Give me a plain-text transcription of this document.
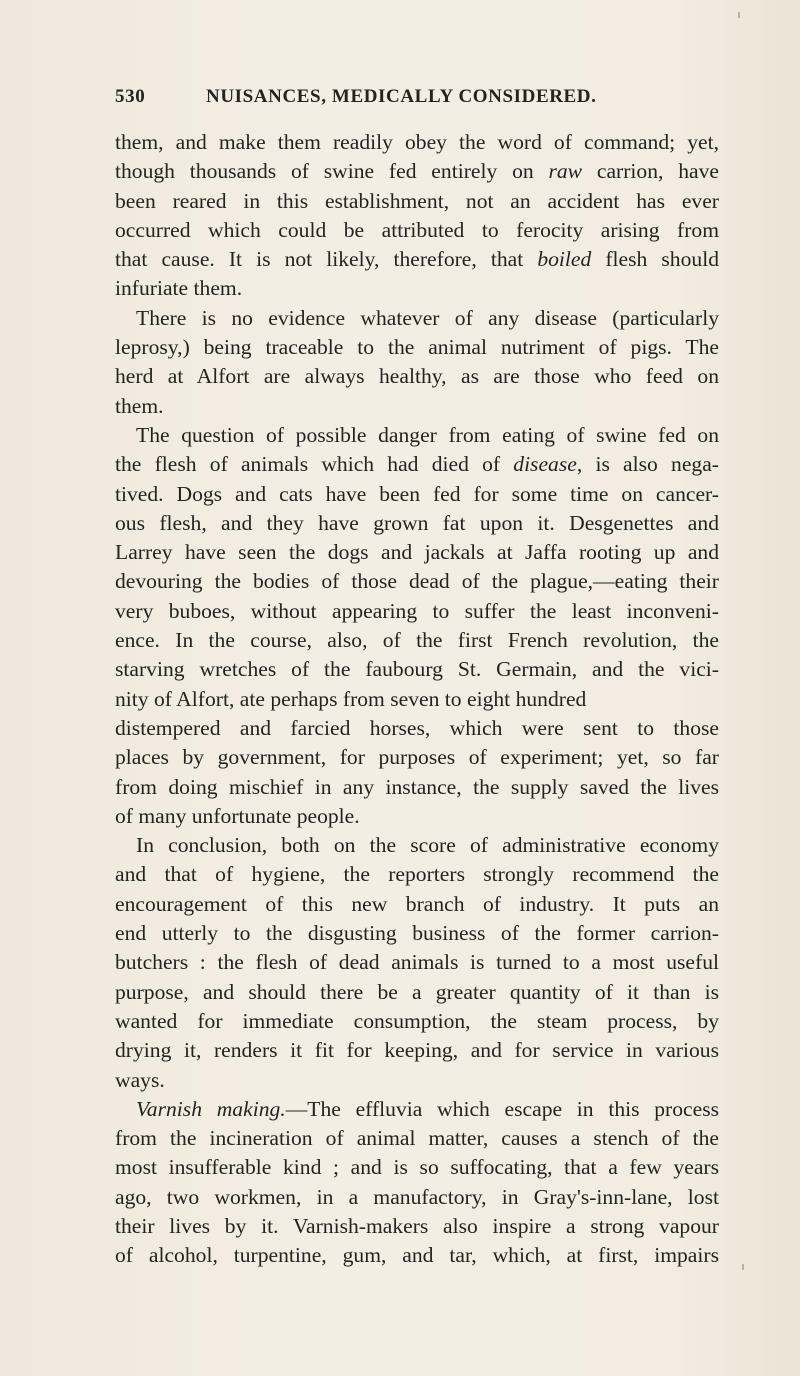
530	NUISANCES, MEDICALLY CONSIDERED.
them, and make them readily obey the word of command; yet,
though thousands of swine fed entirely on raw carrion, have
been reared in this establishment, not an accident has ever
occurred which could be attributed to ferocity arising from
that cause. It is not likely, therefore, that boiled flesh should
infuriate them.
There is no evidence whatever of any disease (particularly
leprosy,) being traceable to the animal nutriment of pigs. The
herd at Alfort are always healthy, as are those who feed on
them.
The question of possible danger from eating of swine fed on
the flesh of animals which had died of disease, is also nega-
tived. Dogs and cats have been fed for some time on cancer-
ous flesh, and they have grown fat upon it. Desgenettes and
Larrey have seen the dogs and jackals at Jaffa rooting up and
devouring the bodies of those dead of the plague,—eating their
very buboes, without appearing to suffer the least inconveni-
ence. In the course, also, of the first French revolution, the
starving wretches of the faubourg St. Germain, and the vici-
nity of Alfort, ate perhaps from seven to eight hundred
distempered and farcied horses, which were sent to those
places by government, for purposes of experiment; yet, so far
from doing mischief in any instance, the supply saved the lives
of many unfortunate people.
In conclusion, both on the score of administrative economy
and that of hygiene, the reporters strongly recommend the
encouragement of this new branch of industry. It puts an
end utterly to the disgusting business of the former carrion-
butchers : the flesh of dead animals is turned to a most useful
purpose, and should there be a greater quantity of it than is
wanted for immediate consumption, the steam process, by
drying it, renders it fit for keeping, and for service in various
ways.
Varnish making.—The effluvia which escape in this process
from the incineration of animal matter, causes a stench of the
most insufferable kind ; and is so suffocating, that a few years
ago, two workmen, in a manufactory, in Gray's-inn-lane, lost
their lives by it. Varnish-makers also inspire a strong vapour
of alcohol, turpentine, gum, and tar, which, at first, impairs
